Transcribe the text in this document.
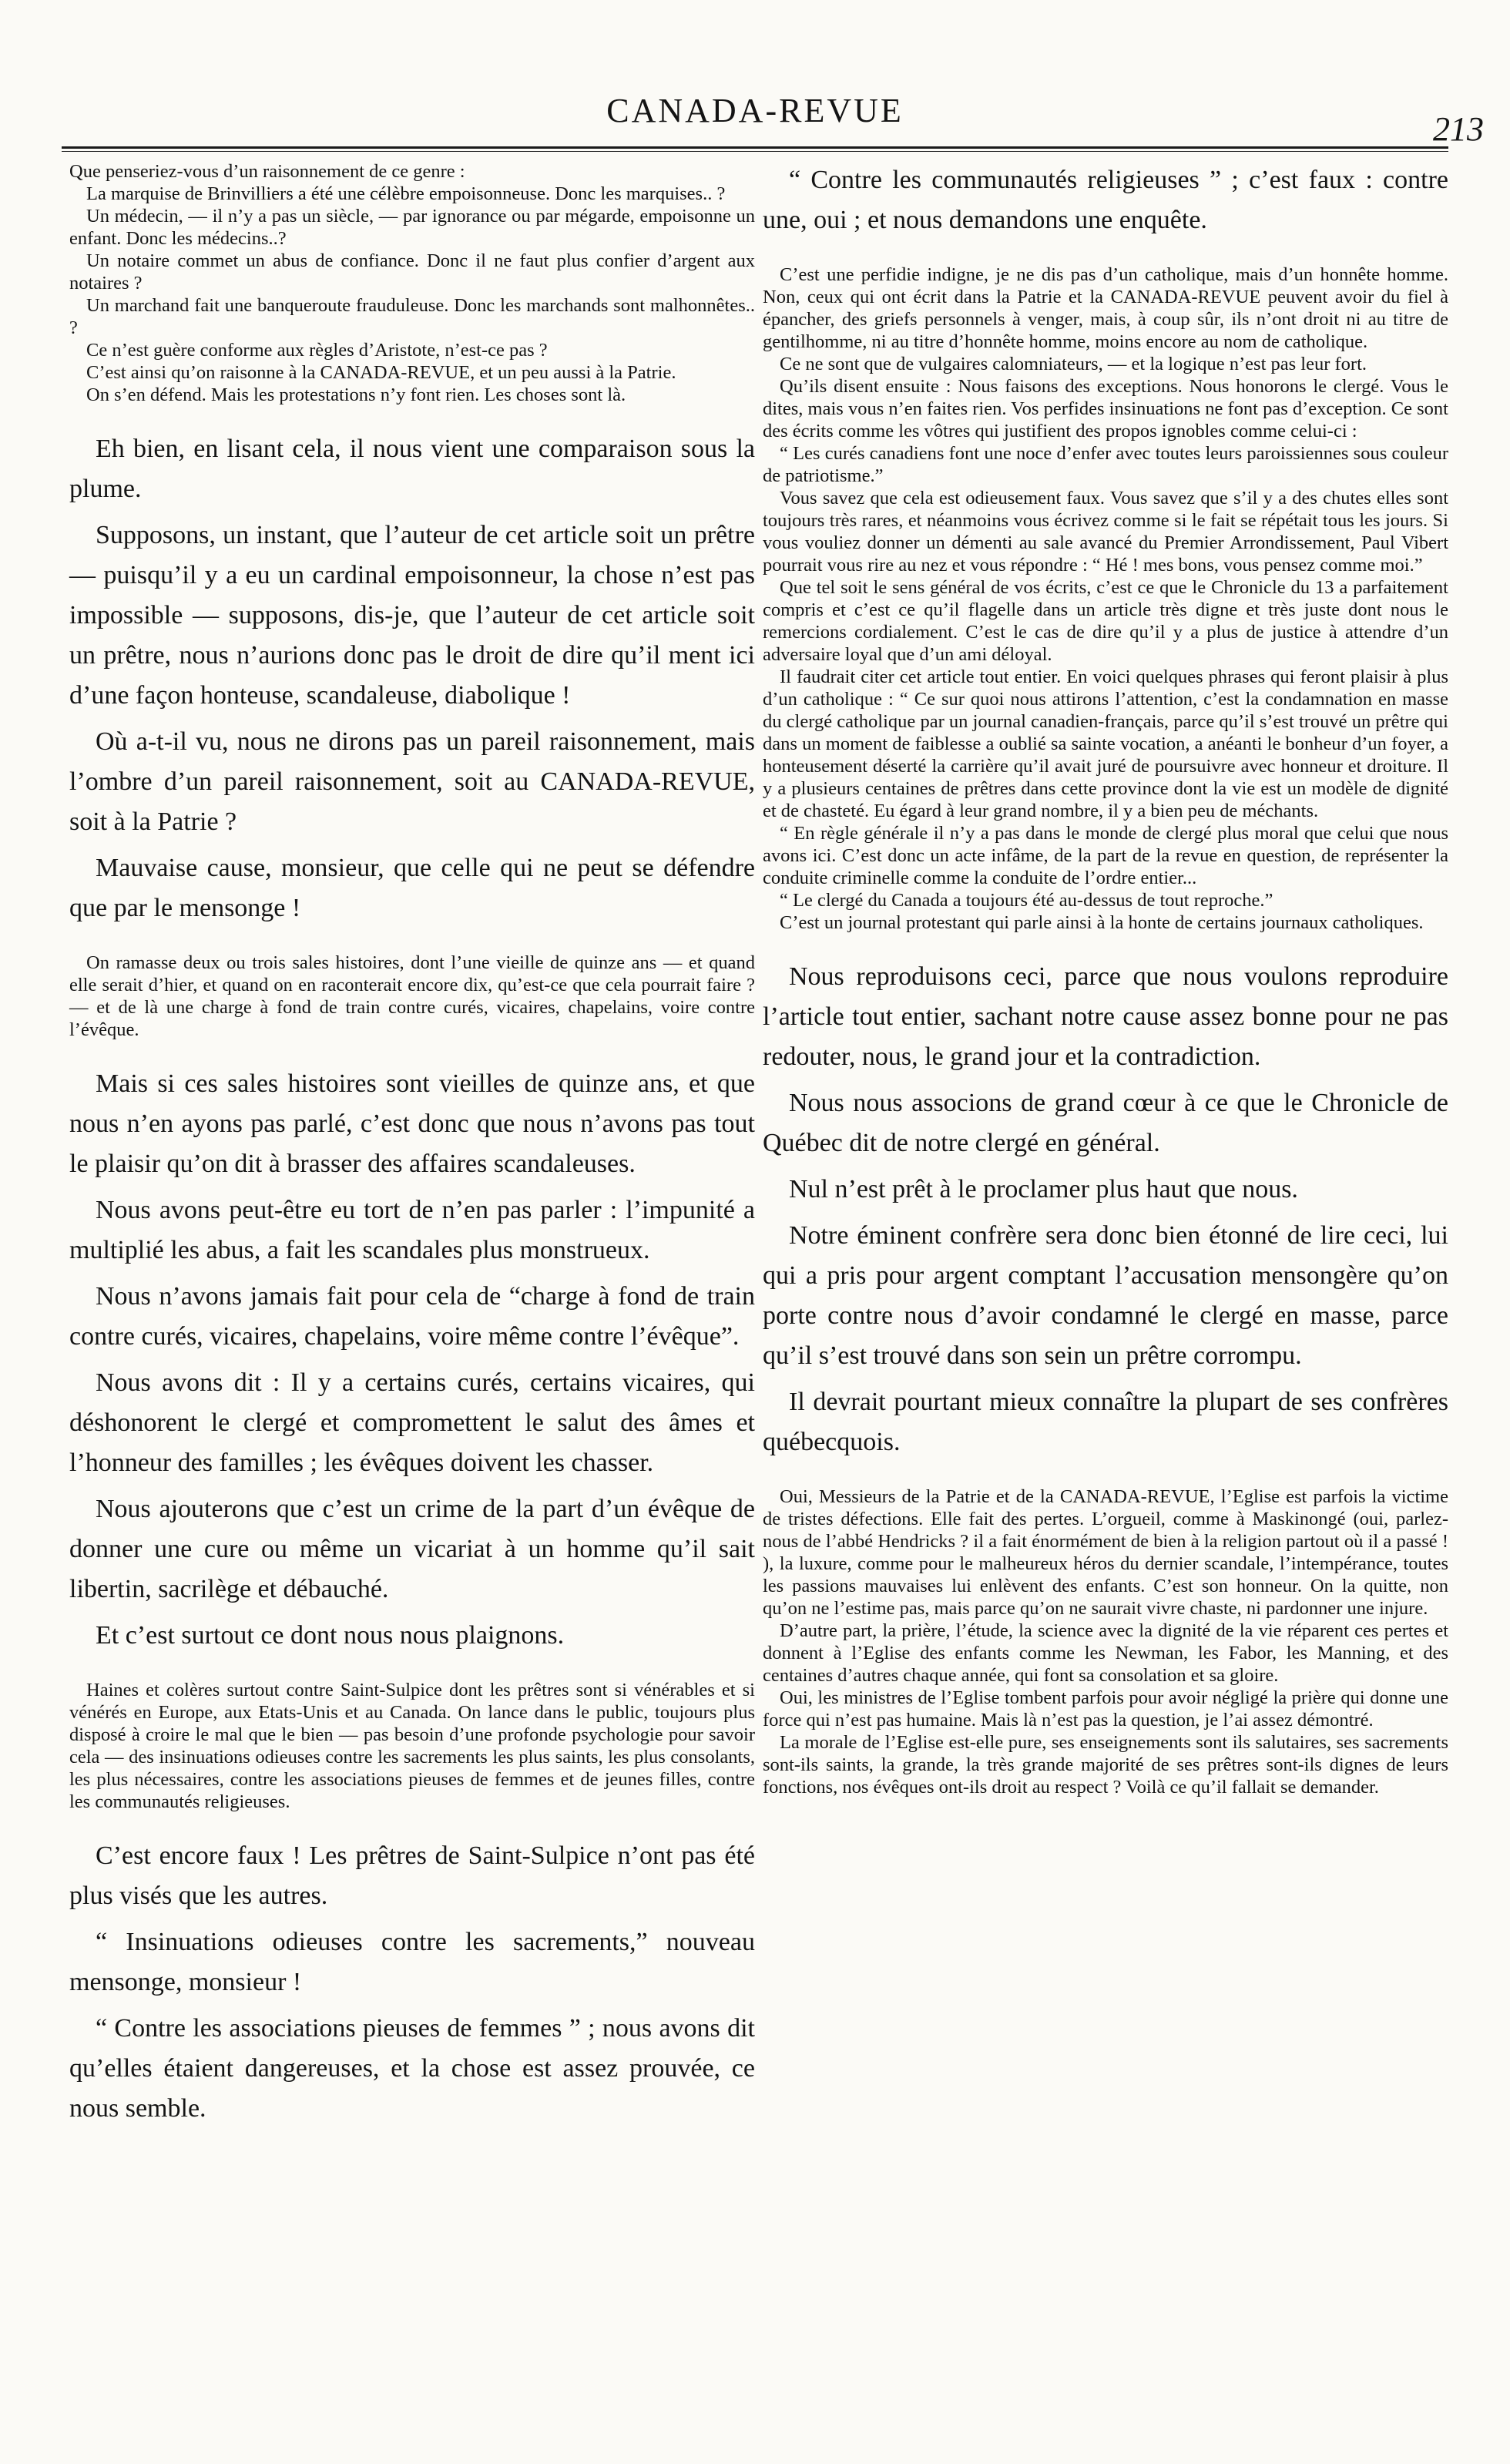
CANADA-REVUE	213

Que penseriez-vous d’un raisonnement de ce genre :

La marquise de Brinvilliers a été une célèbre empoisonneuse. Donc les marquises.. ?

Un médecin, — il n’y a pas un siècle, — par ignorance ou par mégarde, empoisonne un enfant. Donc les médecins..?

Un notaire commet un abus de confiance. Donc il ne faut plus confier d’argent aux notaires ?

Un marchand fait une banqueroute frauduleuse. Donc les marchands sont malhonnêtes.. ?

Ce n’est guère conforme aux règles d’Aristote, n’est-ce pas ?

C’est ainsi qu’on raisonne à la CANADA-REVUE, et un peu aussi à la Patrie.

On s’en défend. Mais les protestations n’y font rien. Les choses sont là.

Eh bien, en lisant cela, il nous vient une comparaison sous la plume.

Supposons, un instant, que l’auteur de cet article soit un prêtre — puisqu’il y a eu un cardinal empoisonneur, la chose n’est pas impossible — supposons, dis-je, que l’auteur de cet article soit un prêtre, nous n’aurions donc pas le droit de dire qu’il ment ici d’une façon honteuse, scandaleuse, diabolique !

Où a-t-il vu, nous ne dirons pas un pareil raisonnement, mais l’ombre d’un pareil raisonnement, soit au CANADA-REVUE, soit à la Patrie ?

Mauvaise cause, monsieur, que celle qui ne peut se défendre que par le mensonge !

On ramasse deux ou trois sales histoires, dont l’une vieille de quinze ans — et quand elle serait d’hier, et quand on en raconterait encore dix, qu’est-ce que cela pourrait faire ? — et de là une charge à fond de train contre curés, vicaires, chapelains, voire contre l’évêque.

Mais si ces sales histoires sont vieilles de quinze ans, et que nous n’en ayons pas parlé, c’est donc que nous n’avons pas tout le plaisir qu’on dit à brasser des affaires scandaleuses.

Nous avons peut-être eu tort de n’en pas parler : l’impunité a multiplié les abus, a fait les scandales plus monstrueux.

Nous n’avons jamais fait pour cela de “charge à fond de train contre curés, vicaires, chapelains, voire même contre l’évêque”.

Nous avons dit : Il y a certains curés, certains vicaires, qui déshonorent le clergé et compromettent le salut des âmes et l’honneur des familles ; les évêques doivent les chasser.

Nous ajouterons que c’est un crime de la part d’un évêque de donner une cure ou même un vicariat à un homme qu’il sait libertin, sacrilège et débauché.

Et c’est surtout ce dont nous nous plaignons.

Haines et colères surtout contre Saint-Sulpice dont les prêtres sont si vénérables et si vénérés en Europe, aux Etats-Unis et au Canada. On lance dans le public, toujours plus disposé à croire le mal que le bien — pas besoin d’une profonde psychologie pour savoir cela — des insinuations odieuses contre les sacrements les plus saints, les plus consolants, les plus nécessaires, contre les associations pieuses de femmes et de jeunes filles, contre les communautés religieuses.

C’est encore faux ! Les prêtres de Saint-Sulpice n’ont pas été plus visés que les autres.

“ Insinuations odieuses contre les sacrements,” nouveau mensonge, monsieur !

“ Contre les associations pieuses de femmes ” ; nous avons dit qu’elles étaient dangereuses, et la chose est assez prouvée, ce nous semble.

“ Contre les communautés religieuses ” ; c’est faux : contre une, oui ; et nous demandons une enquête.

C’est une perfidie indigne, je ne dis pas d’un catholique, mais d’un honnête homme. Non, ceux qui ont écrit dans la Patrie et la CANADA-REVUE peuvent avoir du fiel à épancher, des griefs personnels à venger, mais, à coup sûr, ils n’ont droit ni au titre de gentilhomme, ni au titre d’honnête homme, moins encore au nom de catholique.

Ce ne sont que de vulgaires calomniateurs, — et la logique n’est pas leur fort.

Qu’ils disent ensuite : Nous faisons des exceptions. Nous honorons le clergé. Vous le dites, mais vous n’en faites rien. Vos perfides insinuations ne font pas d’exception. Ce sont des écrits comme les vôtres qui justifient des propos ignobles comme celui-ci :

“ Les curés canadiens font une noce d’enfer avec toutes leurs paroissiennes sous couleur de patriotisme.”

Vous savez que cela est odieusement faux. Vous savez que s’il y a des chutes elles sont toujours très rares, et néanmoins vous écrivez comme si le fait se répétait tous les jours. Si vous vouliez donner un démenti au sale avancé du Premier Arrondissement, Paul Vibert pourrait vous rire au nez et vous répondre : “ Hé ! mes bons, vous pensez comme moi.”

Que tel soit le sens général de vos écrits, c’est ce que le Chronicle du 13 a parfaitement compris et c’est ce qu’il flagelle dans un article très digne et très juste dont nous le remercions cordialement. C’est le cas de dire qu’il y a plus de justice à attendre d’un adversaire loyal que d’un ami déloyal.

Il faudrait citer cet article tout entier. En voici quelques phrases qui feront plaisir à plus d’un catholique : “ Ce sur quoi nous attirons l’attention, c’est la condamnation en masse du clergé catholique par un journal canadien-français, parce qu’il s’est trouvé un prêtre qui dans un moment de faiblesse a oublié sa sainte vocation, a anéanti le bonheur d’un foyer, a honteusement déserté la carrière qu’il avait juré de poursuivre avec honneur et droiture. Il y a plusieurs centaines de prêtres dans cette province dont la vie est un modèle de dignité et de chasteté. Eu égard à leur grand nombre, il y a bien peu de méchants.

“ En règle générale il n’y a pas dans le monde de clergé plus moral que celui que nous avons ici. C’est donc un acte infâme, de la part de la revue en question, de représenter la conduite criminelle comme la conduite de l’ordre entier...

“ Le clergé du Canada a toujours été au-dessus de tout reproche.”

C’est un journal protestant qui parle ainsi à la honte de certains journaux catholiques.

Nous reproduisons ceci, parce que nous voulons reproduire l’article tout entier, sachant notre cause assez bonne pour ne pas redouter, nous, le grand jour et la contradiction.

Nous nous associons de grand cœur à ce que le Chronicle de Québec dit de notre clergé en général.

Nul n’est prêt à le proclamer plus haut que nous.

Notre éminent confrère sera donc bien étonné de lire ceci, lui qui a pris pour argent comptant l’accusation mensongère qu’on porte contre nous d’avoir condamné le clergé en masse, parce qu’il s’est trouvé dans son sein un prêtre corrompu.

Il devrait pourtant mieux connaître la plupart de ses confrères québecquois.

Oui, Messieurs de la Patrie et de la CANADA-REVUE, l’Eglise est parfois la victime de tristes défections. Elle fait des pertes. L’orgueil, comme à Maskinongé (oui, parlez-nous de l’abbé Hendricks ? il a fait énormément de bien à la religion partout où il a passé ! ), la luxure, comme pour le malheureux héros du dernier scandale, l’intempérance, toutes les passions mauvaises lui enlèvent des enfants. C’est son honneur. On la quitte, non qu’on ne l’estime pas, mais parce qu’on ne saurait vivre chaste, ni pardonner une injure.

D’autre part, la prière, l’étude, la science avec la dignité de la vie réparent ces pertes et donnent à l’Eglise des enfants comme les Newman, les Fabor, les Manning, et des centaines d’autres chaque année, qui font sa consolation et sa gloire.

Oui, les ministres de l’Eglise tombent parfois pour avoir négligé la prière qui donne une force qui n’est pas humaine. Mais là n’est pas la question, je l’ai assez démontré.

La morale de l’Eglise est-elle pure, ses enseignements sont ils salutaires, ses sacrements sont-ils saints, la grande, la très grande majorité de ses prêtres sont-ils dignes de leurs fonctions, nos évêques ont-ils droit au respect ? Voilà ce qu’il fallait se demander.
